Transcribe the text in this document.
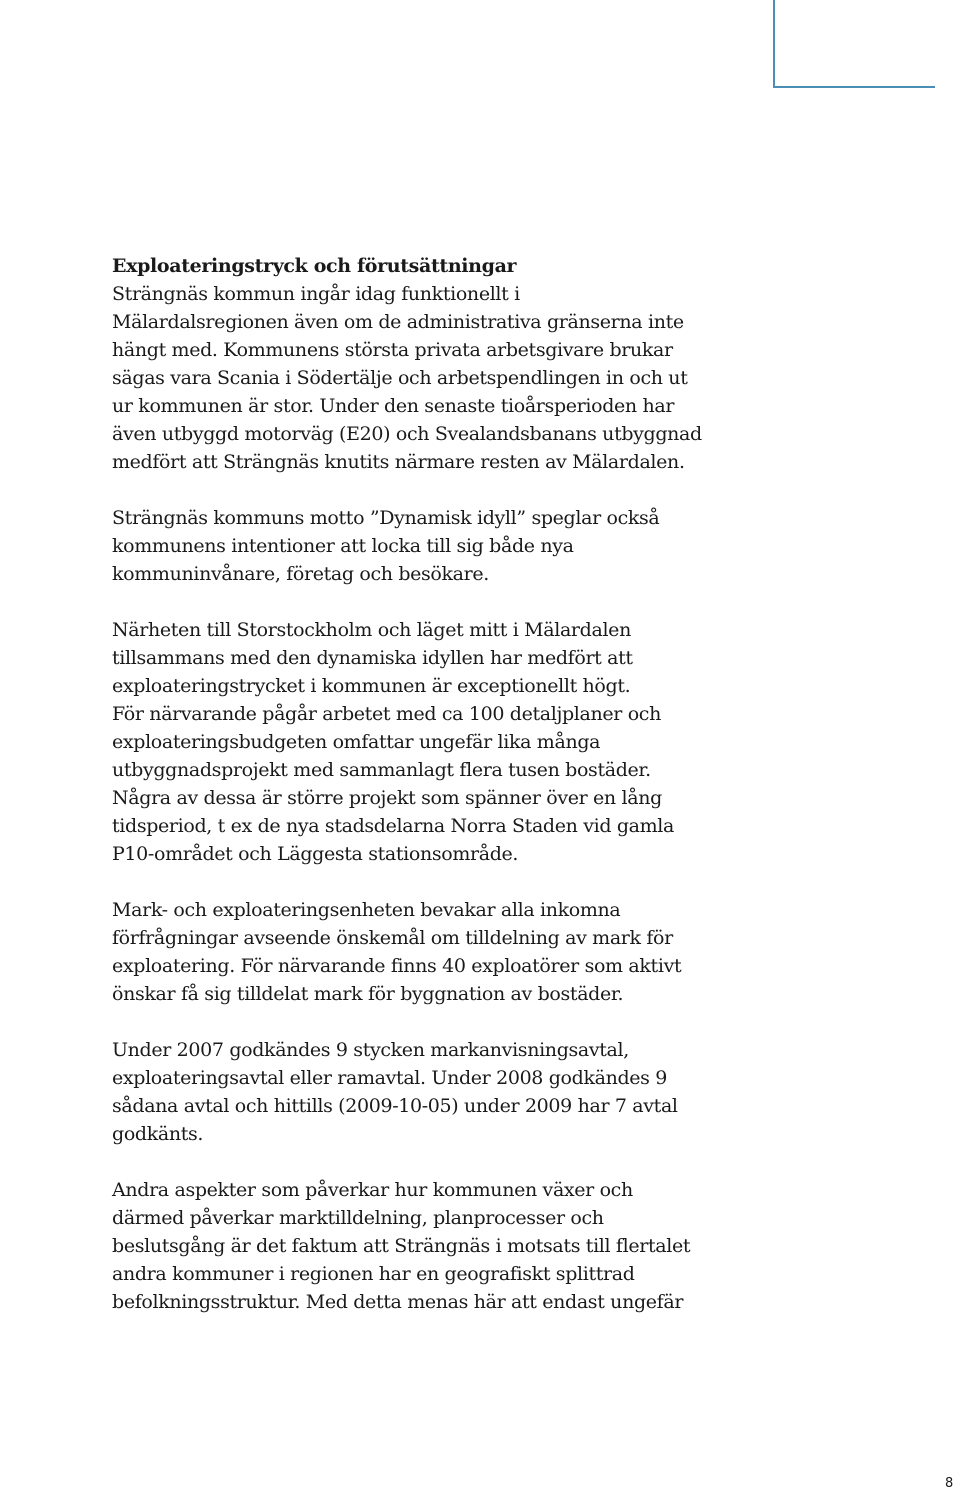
Exploateringstryck och förutsättningar
Strängnäs kommun ingår idag funktionellt i
Mälardalsregionen även om de administrativa gränserna inte
hängt med. Kommunens största privata arbetsgivare brukar
sägas vara Scania i Södertälje och arbetspendlingen in och ut
ur kommunen är stor. Under den senaste tioårsperioden har
även utbyggd motorväg (E20) och Svealandsbanans utbyggnad
medfört att Strängnäs knutits närmare resten av Mälardalen.
Strängnäs kommuns motto ”Dynamisk idyll” speglar också
kommunens intentioner att locka till sig både nya
kommuninvånare, företag och besökare.
Närheten till Storstockholm och läget mitt i Mälardalen
tillsammans med den dynamiska idyllen har medfört att
exploateringstrycket i kommunen är exceptionellt högt.
För närvarande pågår arbetet med ca 100 detaljplaner och
exploateringsbudgeten omfattar ungefär lika många
utbyggnadsprojekt med sammanlagt flera tusen bostäder.
Några av dessa är större projekt som spänner över en lång
tidsperiod, t ex de nya stadsdelarna Norra Staden vid gamla
P10-området och Läggesta stationsområde.
Mark- och exploateringsenheten bevakar alla inkomna
förfrågningar avseende önskemål om tilldelning av mark för
exploatering. För närvarande finns 40 exploatörer som aktivt
önskar få sig tilldelat mark för byggnation av bostäder.
Under 2007 godkändes 9 stycken markanvisningsavtal,
exploateringsavtal eller ramavtal. Under 2008 godkändes 9
sådana avtal och hittills (2009-10-05) under 2009 har 7 avtal
godkänts.
Andra aspekter som påverkar hur kommunen växer och
därmed påverkar marktilldelning, planprocesser och
beslutsgång är det faktum att Strängnäs i motsats till flertalet
andra kommuner i regionen har en geografiskt splittrad
befolkningsstruktur. Med detta menas här att endast ungefär
8
